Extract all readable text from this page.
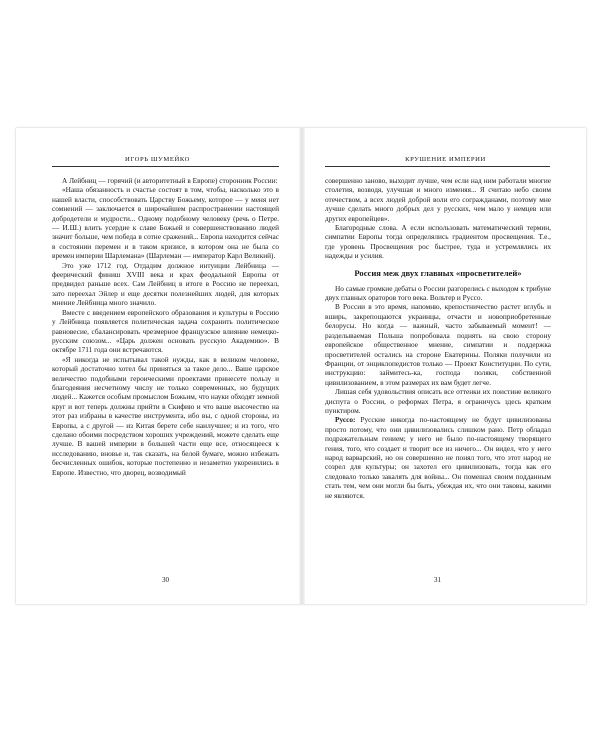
ИГОРЬ ШУМЕЙКО

А Лейбниц — горячий (и авторитетный в Европе) сторонник России:

«Наша обязанность и счастье состоят в том, чтобы, насколько это в нашей власти, способствовать Царству Божьему, которое — у меня нет сомнений — заключается в широчайшем распространении настоящей добродетели и мудрости... Одному подобному человеку (речь о Петре. — И.Ш.) влить усердие к славе Божьей и совершенствованию людей значит больше, чем победа в сотне сражений... Европа находится сейчас в состоянии перемен и в таком кризисе, в котором она не была со времен империи Шарлемана» (Шарлеман — император Карл Великий).

Это уже 1712 год. Отдадим должное интуиции Лейбница — феерический финиш XVIII века и крах феодальной Европы от предвидел раньше всех. Сам Лейбниц в итоге в Россию не переехал, зато переехал Эйлер и еще десятки полезнейших людей, для которых мнение Лейбница много значило.

Вместе с введением европейского образования и культуры в Россию у Лейбница появляется политическая задача сохранить политическое равновесие, сбалансировать чрезмерное французское влияние немецко-русским союзом... «Царь должен основать русскую Академию». В октябре 1711 года они встречаются.

«Я никогда не испытывал такой нужды, как в великом человеке, который достаточно хотел бы приняться за такое дело... Ваше царское величество подобными героическими проектами принесете пользу и благодеяния несчетному числу не только современных, но будущих людей... Кажется особым промыслом Божьим, что науки обходят земной круг и вот теперь должны прийти в Скифию и что ваше высочество на этот раз избраны в качестве инструмента, ибо вы, с одной стороны, из Европы, а с другой — из Китая берете себе наилучшее; и из того, что сделано обоими посредством хороших учреждений, можете сделать еще лучше. В вашей империи в большей части еще все, относящееся к исследованию, вновье и, так сказать, на белой бумаге, можно избежать бесчисленных ошибок, которые постепенно и незаметно укоренились в Европе. Известно, что дворец, возводимый

30
КРУШЕНИЕ ИМПЕРИИ

совершенно заново, выходит лучше, чем если над ним работали многие столетия, возводя, улучшая и много изменяя... Я считаю небо своим отечеством, а всех людей доброй воли его согражданами, поэтому мне лучше сделать много добрых дел у русских, чем мало у немцев или других европейцев».

Благородные слова. А если использовать математический термин, симпатии Европы тогда определялись градиентом просвещения. Т.е., где уровень Просвещения рос быстрее, туда и устремлялись их надежды и усилия.

Россия меж двух главных «просветителей»

Но самые громкие дебаты о России разгорелись с выходом к трибуне двух главных ораторов того века. Вольтер и Руссо.

В России в это время, напомню, крепостничество растет вглубь и вширь, закрепощаются украинцы, отчасти и новоприобретенные белорусы. Но когда — важный, часто забываемый момент! — разделываемая Польша попробовала поднять на свою сторону европейское общественное мнение, симпатии и поддержка просветителей остались на стороне Екатерины. Поляки получили из Франции, от энциклопедистов только — Проект Конституции. По сути, инструкцию: займитесь-ка, господа поляки, собственной цивилизованием, в этом размерах их вам будет легче.

Лишая себя удовольствия описать все оттенки их поистине великого диспута о России, о реформах Петра, я ограничусь здесь кратким пунктиром.

Руссо: Русские никогда по-настоящему не будут цивилизованы просто потому, что они цивилизовались слишком рано. Петр обладал подражательным гением; у него не было по-настоящему творящего гения, того, что создает и творит все из ничего... Он видел, что у него народ варварский, но он совершенно не понял того, что этот народ не созрел для культуры; он захотел его цивилизовать, тогда как его следовало только закалять для войны... Он помешал своим подданным стать тем, чем они могли бы быть, убеждая их, что они таковы, какими не являются.

31
